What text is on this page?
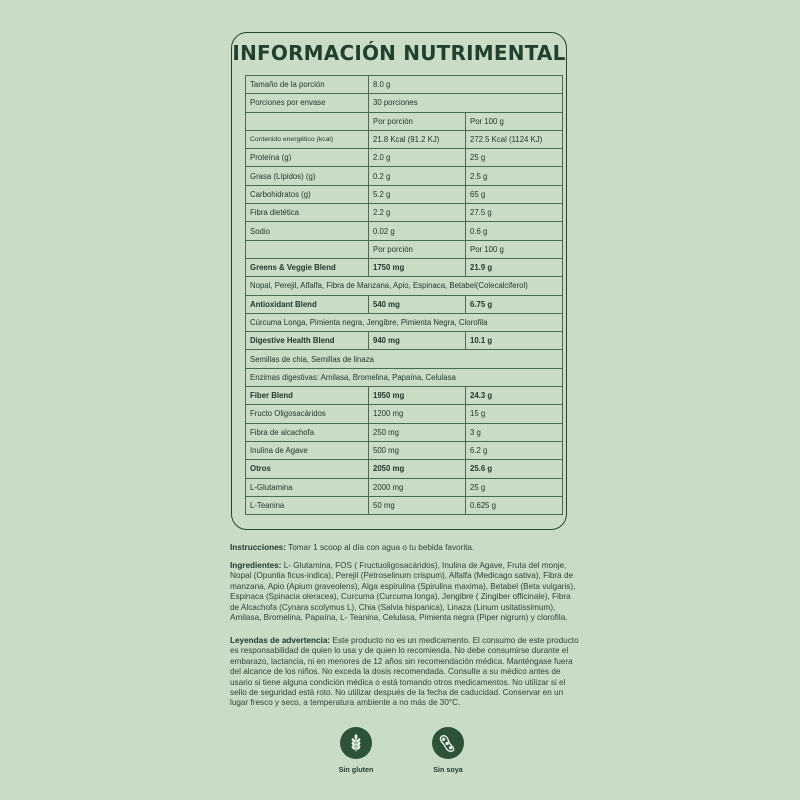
INFORMACIÓN NUTRIMENTAL
Tamaño de la porción	8.0 g	
Porciones por envase	30 porciones	
	Por porción	Por 100 g
Contenido energético (kcal)	21.8 Kcal (91.2 KJ)	272.5 Kcal (1124 KJ)
Proteína (g)	2.0 g	25 g
Grasa (Lípidos) (g)	0.2 g	2.5 g
Carbohidratos (g)	5.2 g	65 g
Fibra dietética	2.2 g	27.5 g
Sodio	0.02 g	0.6 g
	Por porción	Por 100 g
Greens & Veggie Blend	1750 mg	21.9 g
Nopal, Perejil, Alfalfa, Fibra de Manzana, Apio, Espinaca, Betabel(Colecalciferol)		
Antioxidant Blend	540 mg	6.75 g
Cúrcuma Longa, Pimienta negra, Jengibre, Pimienta Negra, Clorofila		
Digestive Health Blend	940 mg	10.1 g
Semillas de chia, Semillas de linaza		
Enzimas digestivas: Amilasa, Bromelina, Papaína, Celulasa		
Fiber Blend	1950 mg	24.3 g
Fructo Oligosacáridos	1200 mg	15 g
Fibra de alcachofa	250 mg	3 g
Inulina de Agave	500 mg	6.2 g
Otros	2050 mg	25.6 g
L-Glutamina	2000 mg	25 g
L-Teanina	50 mg	0.625 g
Instrucciones: Tomar 1 scoop al día con agua o tu bebida favorita.
Ingredientes: L- Glutamina, FOS ( Fructuoligosacáridos), Inulina de Agave, Fruta del monje, Nopal (Opuntia ficus-indica), Perejil (Petroselinum crispum), Alfalfa (Medicago sativa), Fibra de manzana, Apio (Apium graveolens), Alga espirulina (Spirulina maxima), Betabel (Beta vulgaris), Espinaca (Spinacia oleracea), Curcuma (Curcuma longa), Jengibre ( Zingiber officinale), Fibra de Alcachofa (Cynara scolymus L), Chia (Salvia hispanica), Linaza (Linum usitatissimum), Amilasa, Bromelina, Papaína, L- Teanina, Celulasa, Pimienta negra (Piper nigrum) y clorofila.
Leyendas de advertencia: Este producto no es un medicamento. El consumo de este producto es responsabilidad de quien lo usa y de quien lo recomienda. No debe consumirse durante el embarazo, lactancia, ni en menores de 12 años sin recomendación médica. Manténgase fuera del alcance de los niños. No exceda la dosis recomendada. Consulte a su médico antes de usario si tiene alguna condición médica o está tomando otros medicamentos. No utilizar si el sello de seguridad está roto. No utilizar después de la fecha de caducidad. Conservar en un lugar fresco y seco, a temperatura ambiente a no más de 30°C.
Sin gluten	Sin soya
